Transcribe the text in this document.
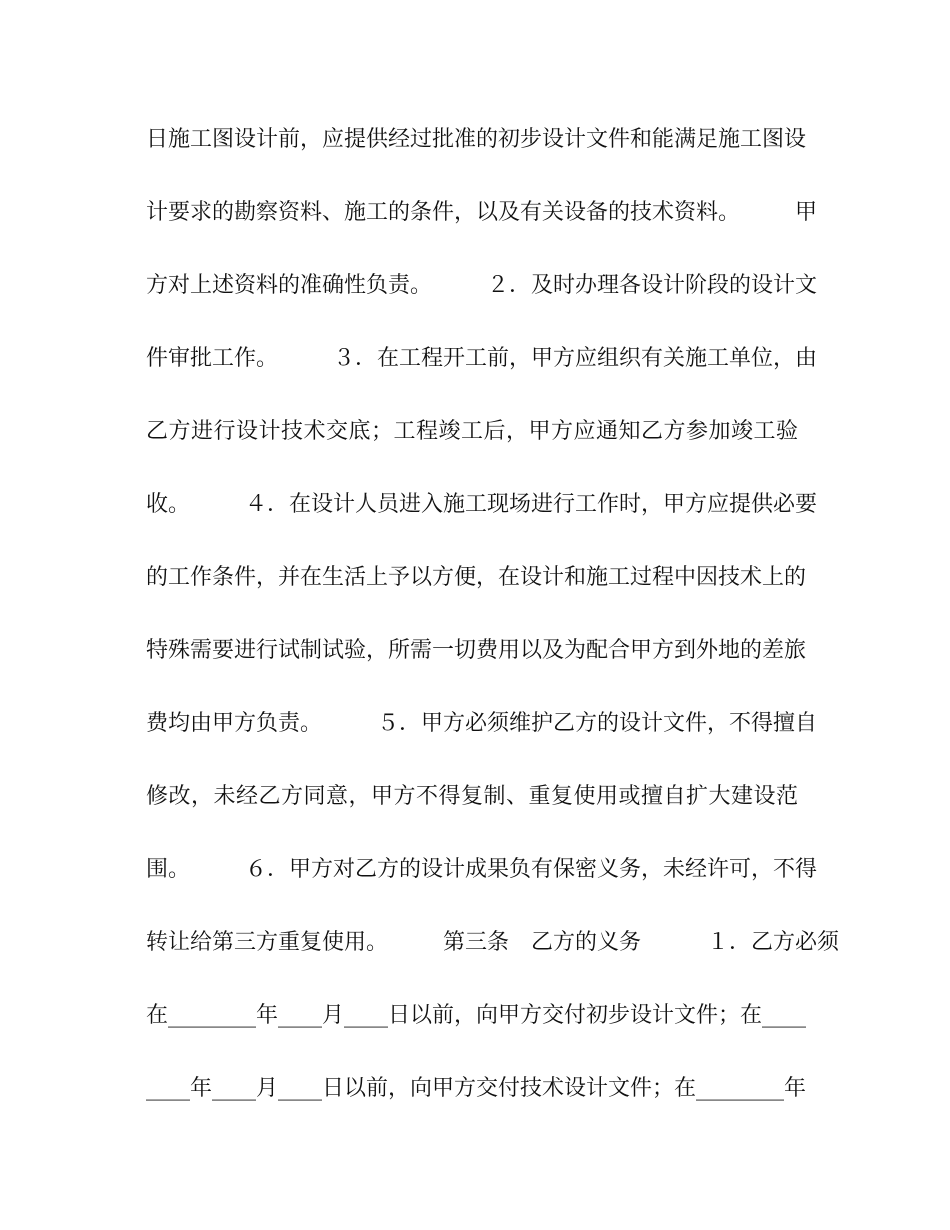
日施工图设计前，应提供经过批准的初步设计文件和能满足施工图设
计要求的勘察资料、施工的条件，以及有关设备的技术资料。　　　甲
方对上述资料的准确性负责。　　　２．及时办理各设计阶段的设计文
件审批工作。　　　３．在工程开工前，甲方应组织有关施工单位，由
乙方进行设计技术交底；工程竣工后，甲方应通知乙方参加竣工验
收。　　　４．在设计人员进入施工现场进行工作时，甲方应提供必要
的工作条件，并在生活上予以方便，在设计和施工过程中因技术上的
特殊需要进行试制试验，所需一切费用以及为配合甲方到外地的差旅
费均由甲方负责。　　　５．甲方必须维护乙方的设计文件，不得擅自
修改，未经乙方同意，甲方不得复制、重复使用或擅自扩大建设范
围。　　　６．甲方对乙方的设计成果负有保密义务，未经许可，不得
转让给第三方重复使用。　　　第三条　乙方的义务　　　１．乙方必须
在________年____月____日以前，向甲方交付初步设计文件；在____
____年____月____日以前，向甲方交付技术设计文件；在________年
